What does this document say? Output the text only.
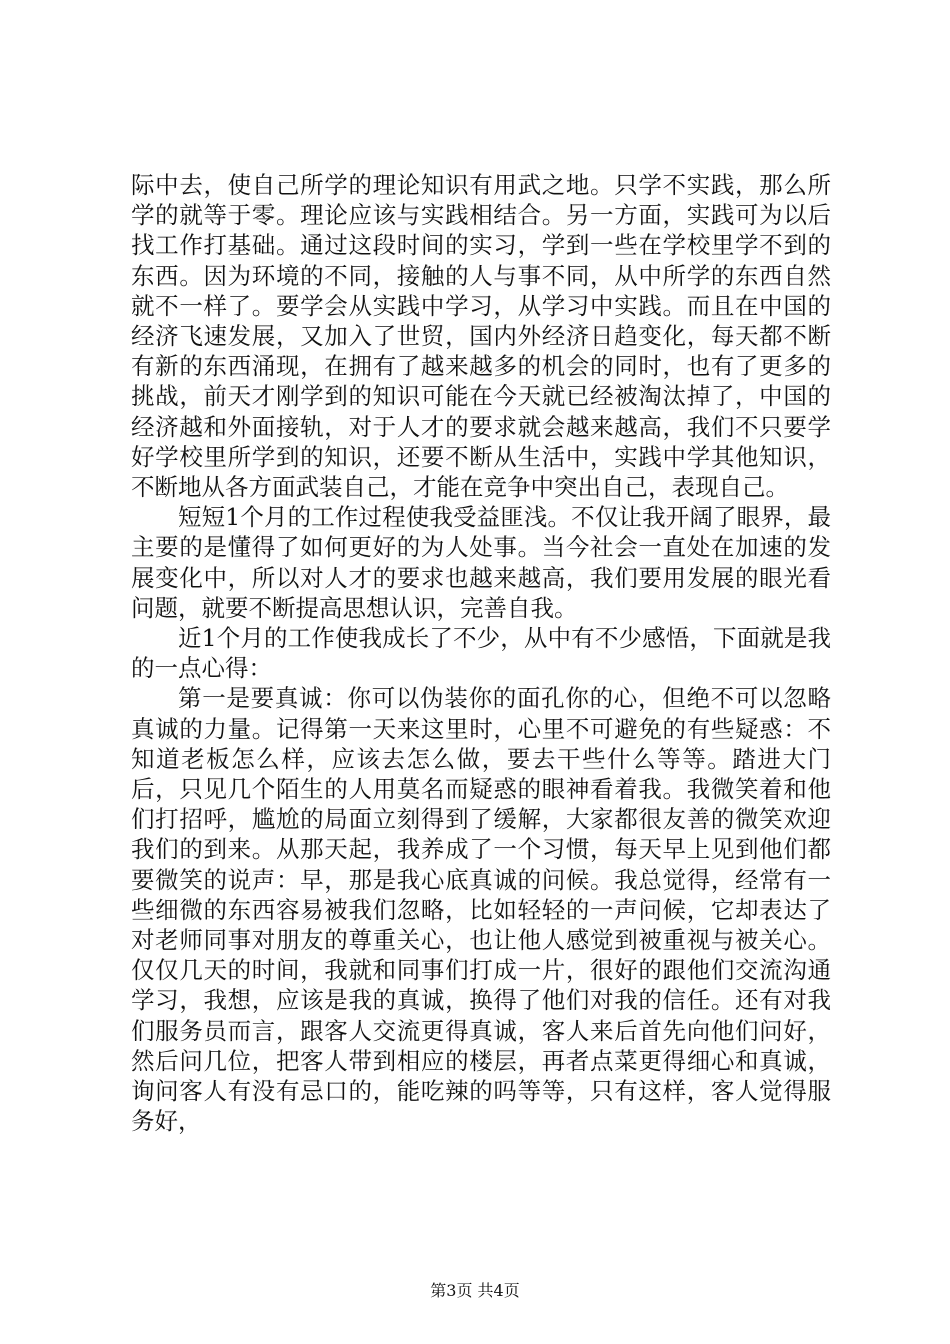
际中去，使自己所学的理论知识有用武之地。只学不实践，那么所学的就等于零。理论应该与实践相结合。另一方面，实践可为以后找工作打基础。通过这段时间的实习，学到一些在学校里学不到的东西。因为环境的不同，接触的人与事不同，从中所学的东西自然就不一样了。要学会从实践中学习，从学习中实践。而且在中国的经济飞速发展，又加入了世贸，国内外经济日趋变化，每天都不断有新的东西涌现，在拥有了越来越多的机会的同时，也有了更多的挑战，前天才刚学到的知识可能在今天就已经被淘汰掉了，中国的经济越和外面接轨，对于人才的要求就会越来越高，我们不只要学好学校里所学到的知识，还要不断从生活中，实践中学其他知识，不断地从各方面武装自己，才能在竞争中突出自己，表现自己。

短短1个月的工作过程使我受益匪浅。不仅让我开阔了眼界，最主要的是懂得了如何更好的为人处事。当今社会一直处在加速的发展变化中，所以对人才的要求也越来越高，我们要用发展的眼光看问题，就要不断提高思想认识，完善自我。

近1个月的工作使我成长了不少，从中有不少感悟，下面就是我的一点心得：

第一是要真诚：你可以伪装你的面孔你的心，但绝不可以忽略真诚的力量。记得第一天来这里时，心里不可避免的有些疑惑：不知道老板怎么样，应该去怎么做，要去干些什么等等。踏进大门后，只见几个陌生的人用莫名而疑惑的眼神看着我。我微笑着和他们打招呼，尴尬的局面立刻得到了缓解，大家都很友善的微笑欢迎我们的到来。从那天起，我养成了一个习惯，每天早上见到他们都要微笑的说声：早，那是我心底真诚的问候。我总觉得，经常有一些细微的东西容易被我们忽略，比如轻轻的一声问候，它却表达了对老师同事对朋友的尊重关心，也让他人感觉到被重视与被关心。仅仅几天的时间，我就和同事们打成一片，很好的跟他们交流沟通学习，我想，应该是我的真诚，换得了他们对我的信任。还有对我们服务员而言，跟客人交流更得真诚，客人来后首先向他们问好，然后问几位，把客人带到相应的楼层，再者点菜更得细心和真诚，询问客人有没有忌口的，能吃辣的吗等等，只有这样，客人觉得服务好，

第3页 共4页
